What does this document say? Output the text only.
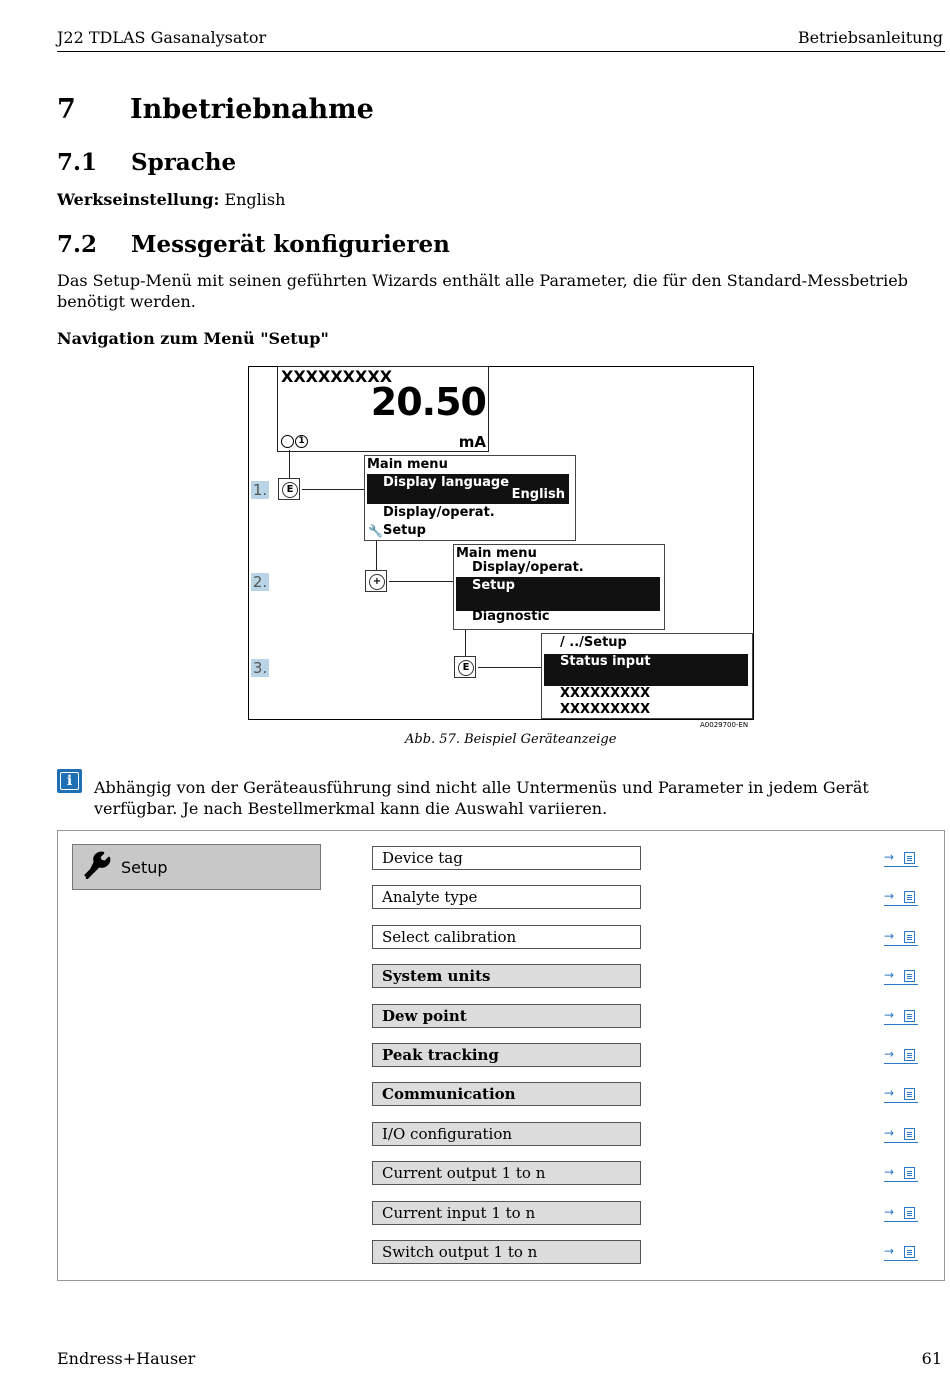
J22 TDLAS Gasanalysator	Betriebsanleitung
7 Inbetriebnahme
7.1 Sprache
Werkseinstellung: English
7.2 Messgerät konfigurieren
Das Setup-Menü mit seinen geführten Wizards enthält alle Parameter, die für den Standard-Messbetrieb benötigt werden.
Navigation zum Menü "Setup"
XXXXXXXXX
20.50
mA
1
1.	E
Main menu
Display language
English
Display/operat.
Setup
🔧
2.	+
Main menu
Display/operat.
Setup
Diagnostic
3.	E
/ ../Setup
Status input
XXXXXXXXX
XXXXXXXXX
A0029700-EN
Abb. 57. Beispiel Geräteanzeige
i	Abhängig von der Geräteausführung sind nicht alle Untermenüs und Parameter in jedem Gerät verfügbar. Je nach Bestellmerkmal kann die Auswahl variieren.
Setup	Device tag
Analyte type
Select calibration
System units
Dew point
Peak tracking
Communication
I/O configuration
Current output 1 to n
Current input 1 to n
Switch output 1 to n
→
→
→
→
→
→
→
→
→
→
→
Endress+Hauser	61
